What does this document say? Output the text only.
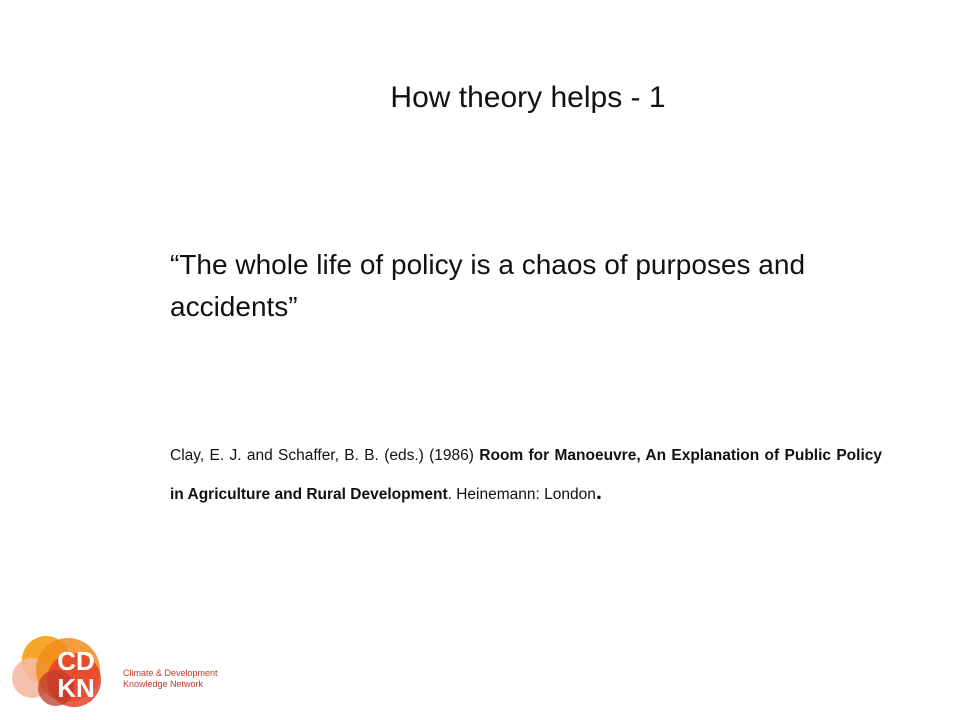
How theory helps - 1
“The whole life of policy is a chaos of purposes and accidents”
Clay, E. J. and Schaffer, B. B. (eds.) (1986) Room for Manoeuvre, An Explanation of Public Policy in Agriculture and Rural Development. Heinemann: London.
CD
KN	Climate & Development
Knowledge Network
